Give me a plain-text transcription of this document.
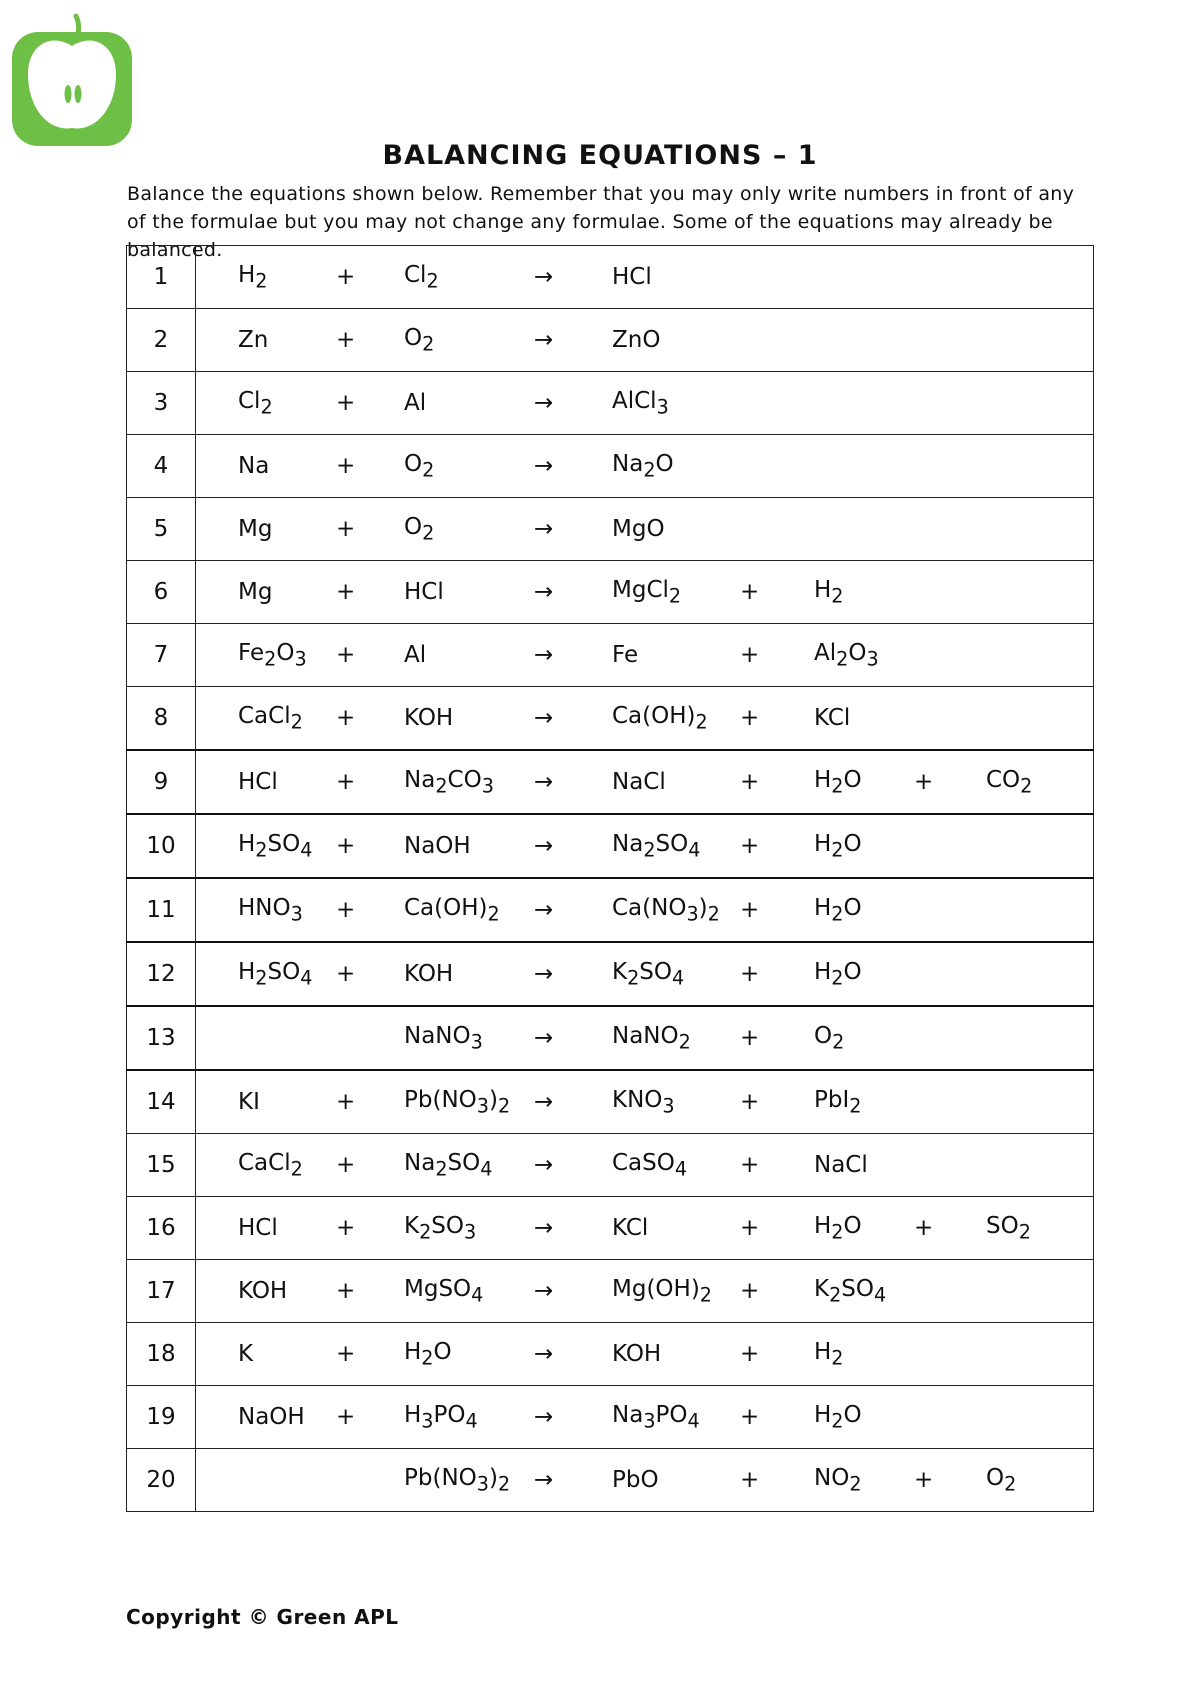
BALANCING EQUATIONS – 1
Balance the equations shown below. Remember that you may only write numbers in front of any of the formulae but you may not change any formulae. Some of the equations may already be balanced.
1	$H_2$	+	$Cl_2$	→	HCl				
2	Zn	+	$O_2$	→	ZnO				
3	$Cl_2$	+	Al	→	AlCl$_3$				
4	Na	+	$O_2$	→	$Na_2O$				
5	Mg	+	$O_2$	→	MgO				
6	Mg	+	HCl	→	MgCl$_2$	+	$H_2$		
7	$Fe_2O_3$	+	Al	→	Fe	+	$Al_2O_3$		
8	CaCl$_2$	+	KOH	→	$Ca(OH)_2$	+	KCl		
9	HCl	+	$Na_2CO_3$	→	NaCl	+	$H_2O$	+	$CO_2$
10	$H_2SO_4$	+	NaOH	→	$Na_2SO_4$	+	$H_2O$		
11	$HNO_3$	+	$Ca(OH)_2$	→	$Ca(NO_3)_2$	+	$H_2O$		
12	$H_2SO_4$	+	KOH	→	$K_2SO_4$	+	$H_2O$		
13			NaNO$_3$	→	NaNO$_2$	+	$O_2$		
14	KI	+	$Pb(NO_3)_2$	→	$KNO_3$	+	PbI$_2$		
15	CaCl$_2$	+	$Na_2SO_4$	→	CaSO$_4$	+	NaCl		
16	HCl	+	$K_2SO_3$	→	KCl	+	$H_2O$	+	$SO_2$
17	KOH	+	MgSO$_4$	→	$Mg(OH)_2$	+	$K_2SO_4$		
18	K	+	$H_2O$	→	KOH	+	$H_2$		
19	NaOH	+	$H_3PO_4$	→	$Na_3PO_4$	+	$H_2O$		
20			$Pb(NO_3)_2$	→	PbO	+	$NO_2$	+	$O_2$
Copyright © Green APL
